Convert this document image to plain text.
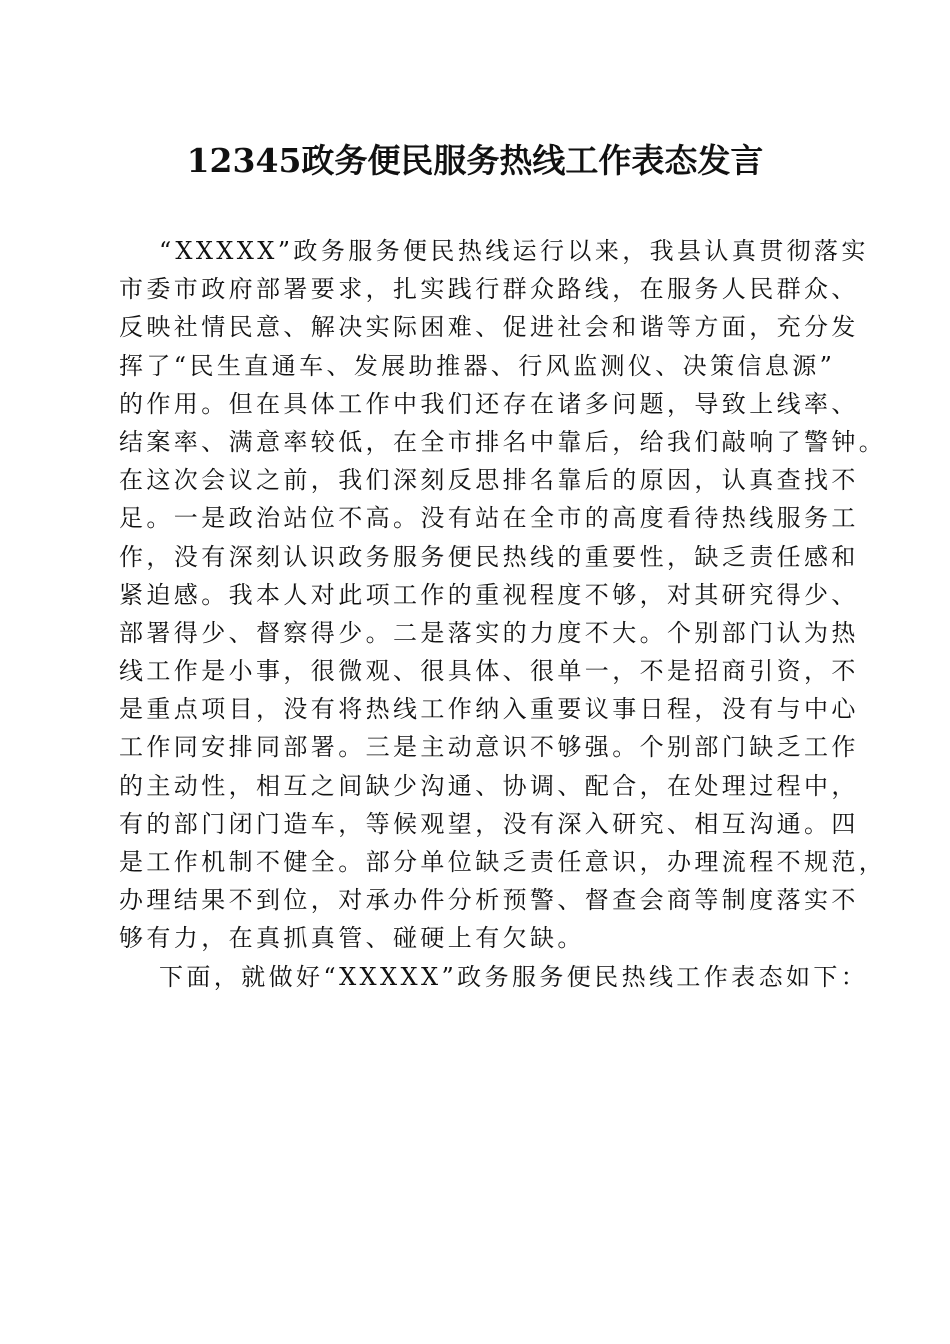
12345政务便民服务热线工作表态发言
“XXXXX”政务服务便民热线运行以来，我县认真贯彻落实
市委市政府部署要求，扎实践行群众路线，在服务人民群众、
反映社情民意、解决实际困难、促进社会和谐等方面，充分发
挥了“民生直通车、发展助推器、行风监测仪、决策信息源”
的作用。但在具体工作中我们还存在诸多问题，导致上线率、
结案率、满意率较低，在全市排名中靠后，给我们敲响了警钟。
在这次会议之前，我们深刻反思排名靠后的原因，认真查找不
足。一是政治站位不高。没有站在全市的高度看待热线服务工
作，没有深刻认识政务服务便民热线的重要性，缺乏责任感和
紧迫感。我本人对此项工作的重视程度不够，对其研究得少、
部署得少、督察得少。二是落实的力度不大。个别部门认为热
线工作是小事，很微观、很具体、很单一，不是招商引资，不
是重点项目，没有将热线工作纳入重要议事日程，没有与中心
工作同安排同部署。三是主动意识不够强。个别部门缺乏工作
的主动性，相互之间缺少沟通、协调、配合，在处理过程中，
有的部门闭门造车，等候观望，没有深入研究、相互沟通。四
是工作机制不健全。部分单位缺乏责任意识，办理流程不规范，
办理结果不到位，对承办件分析预警、督查会商等制度落实不
够有力，在真抓真管、碰硬上有欠缺。
下面，就做好“XXXXX”政务服务便民热线工作表态如下：
